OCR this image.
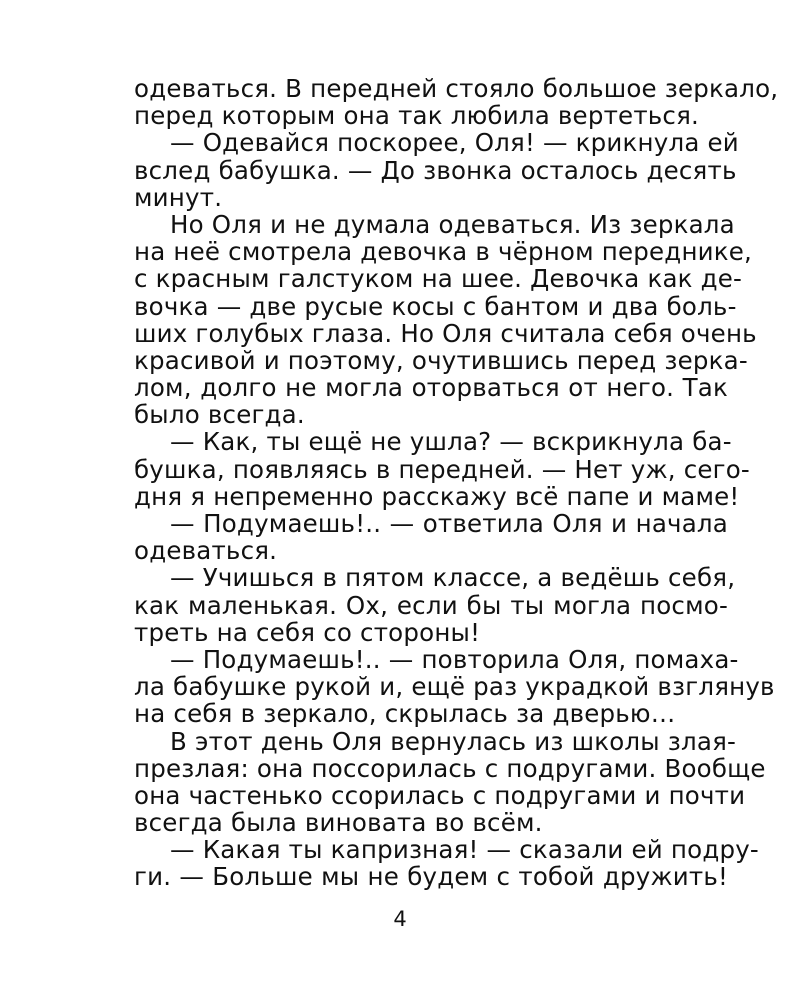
одеваться. В передней стояло большое зеркало,
перед которым она так любила вертеться.
— Одевайся поскорее, Оля! — крикнула ей
вслед бабушка. — До звонка осталось десять
минут.
Но Оля и не думала одеваться. Из зеркала
на неё смотрела девочка в чёрном переднике,
с красным галстуком на шее. Девочка как де-
вочка — две русые косы с бантом и два боль-
ших голубых глаза. Но Оля считала себя очень
красивой и поэтому, очутившись перед зерка-
лом, долго не могла оторваться от него. Так
было всегда.
— Как, ты ещё не ушла? — вскрикнула ба-
бушка, появляясь в передней. — Нет уж, сего-
дня я непременно расскажу всё папе и маме!
— Подумаешь!.. — ответила Оля и начала
одеваться.
— Учишься в пятом классе, а ведёшь себя,
как маленькая. Ох, если бы ты могла посмо-
треть на себя со стороны!
— Подумаешь!.. — повторила Оля, помаха-
ла бабушке рукой и, ещё раз украдкой взглянув
на себя в зеркало, скрылась за дверью…
В этот день Оля вернулась из школы злая-
презлая: она поссорилась с подругами. Вообще
она частенько ссорилась с подругами и почти
всегда была виновата во всём.
— Какая ты капризная! — сказали ей подру-
ги. — Больше мы не будем с тобой дружить!
4
